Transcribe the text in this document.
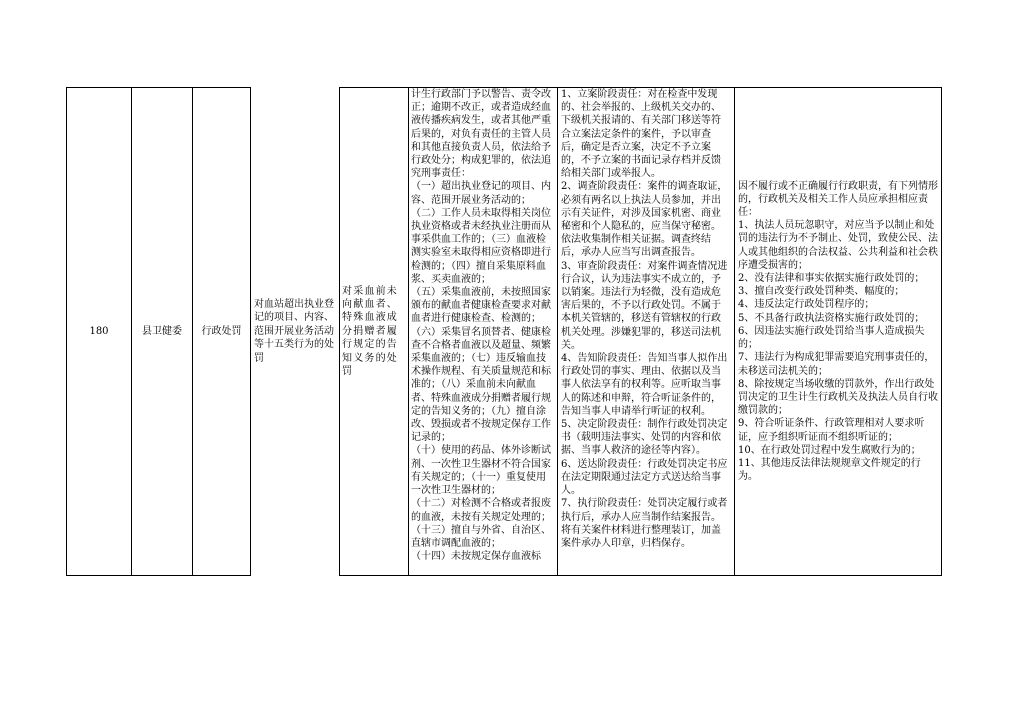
180	县卫健委 行政处罚

对血站超出执业登记的项目、内容、范围开展业务活动等十五类行为的处罚

对采血前未向献血者、特殊血液成分捐赠者履行规定的告知义务的处罚

计生行政部门予以警告、责令改正；逾期不改正，或者造成经血液传播疾病发生，或者其他严重后果的，对负有责任的主管人员和其他直接负责人员，依法给予行政处分；构成犯罪的，依法追究刑事责任：
（一）超出执业登记的项目、内容、范围开展业务活动的；
（二）工作人员未取得相关岗位执业资格或者未经执业注册而从事采供血工作的；（三）血液检测实验室未取得相应资格即进行检测的；（四）擅自采集原料血浆、买卖血液的；
（五）采集血液前，未按照国家颁布的献血者健康检查要求对献血者进行健康检查、检测的；（六）采集冒名顶替者、健康检查不合格者血液以及超量、频繁采集血液的；（七）违反输血技术操作规程、有关质量规范和标准的；（八）采血前未向献血者、特殊血液成分捐赠者履行规定的告知义务的；（九）擅自涂改、毁损或者不按规定保存工作记录的；
（十）使用的药品、体外诊断试剂、一次性卫生器材不符合国家有关规定的；（十一）重复使用一次性卫生器材的；
（十二）对检测不合格或者报废的血液，未按有关规定处理的；（十三）擅自与外省、自治区、直辖市调配血液的；
（十四）未按规定保存血液标

1、立案阶段责任：对在检查中发现的、社会举报的、上级机关交办的、下级机关报请的、有关部门移送等符合立案法定条件的案件，予以审查后，确定是否立案，决定不予立案的，不予立案的书面记录存档并反馈给相关部门或举报人。
2、调查阶段责任：案件的调查取证，必须有两名以上执法人员参加，并出示有关证件，对涉及国家机密、商业秘密和个人隐私的，应当保守秘密。依法收集制作相关证据。调查终结后，承办人应当写出调查报告。
3、审查阶段责任：对案件调查情况进行合议，认为违法事实不成立的，予以销案。违法行为轻微，没有造成危害后果的，不予以行政处罚。不属于本机关管辖的，移送有管辖权的行政机关处理。涉嫌犯罪的，移送司法机关。
4、告知阶段责任：告知当事人拟作出行政处罚的事实、理由、依据以及当事人依法享有的权利等。应听取当事人的陈述和申辩，符合听证条件的，告知当事人申请举行听证的权利。
5、决定阶段责任：制作行政处罚决定书（载明违法事实、处罚的内容和依据、当事人救济的途径等内容）。
6、送达阶段责任：行政处罚决定书应在法定期限通过法定方式送达给当事人。
7、执行阶段责任：处罚决定履行或者执行后，承办人应当制作结案报告。将有关案件材料进行整理装订，加盖案件承办人印章，归档保存。

因不履行或不正确履行行政职责，有下列情形的，行政机关及相关工作人员应承担相应责任：
1、执法人员玩忽职守，对应当予以制止和处罚的违法行为不予制止、处罚，致使公民、法人或其他组织的合法权益、公共利益和社会秩序遭受损害的；
2、没有法律和事实依据实施行政处罚的；
3、擅自改变行政处罚种类、幅度的；
4、违反法定行政处罚程序的；
5、不具备行政执法资格实施行政处罚的；
6、因违法实施行政处罚给当事人造成损失的；
7、违法行为构成犯罪需要追究刑事责任的，未移送司法机关的；
8、除按规定当场收缴的罚款外，作出行政处罚决定的卫生计生行政机关及执法人员自行收缴罚款的；
9、符合听证条件、行政管理相对人要求听证，应予组织听证而不组织听证的；
10、在行政处罚过程中发生腐败行为的；
11、其他违反法律法规规章文件规定的行为。
